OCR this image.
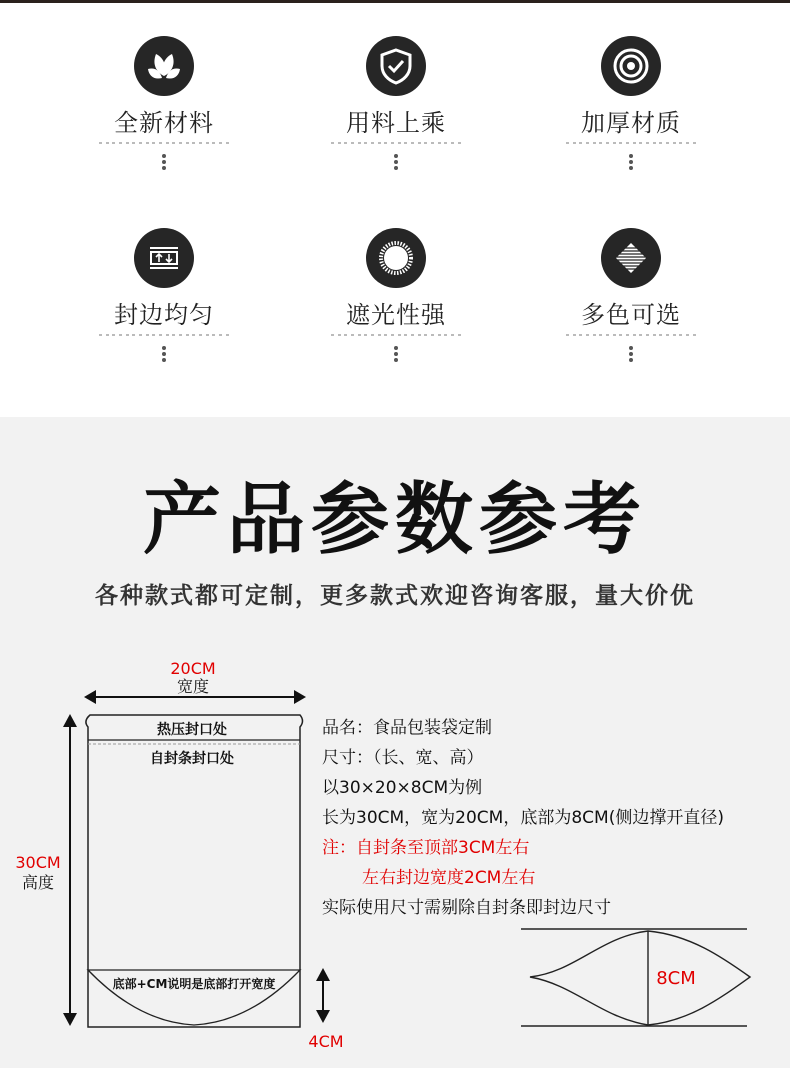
全新材料	用料上乘	加厚材质
封边均匀	遮光性强	多色可选
产品参数参考
各种款式都可定制，更多款式欢迎咨询客服，量大价优
20CM
宽度
30CM
高度
热压封口处
自封条封口处
底部+CM说明是底部打开宽度
4CM
8CM
品名：食品包装袋定制
尺寸：（长、宽、高）
以30×20×8CM为例
长为30CM，宽为20CM，底部为8CM(侧边撑开直径)
注：自封条至顶部3CM左右
左右封边宽度2CM左右
实际使用尺寸需剔除自封条即封边尺寸
